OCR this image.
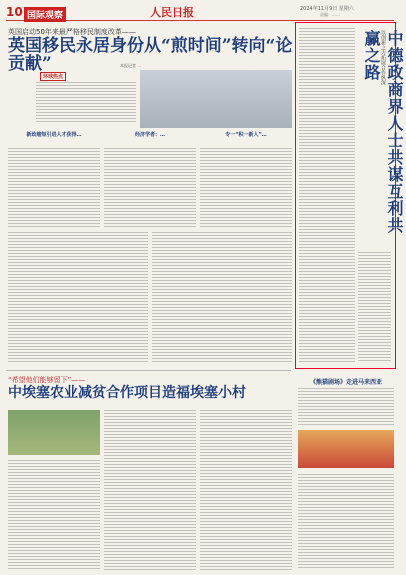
10 国际观察	人民日报	2024年11月9日 星期六
责编：……
英国启动50年来最严格移民制度改革——
英国移民永居身份从“煎时间”转向“论贡献”	本报记者 …
环球热点
新政缩短引进人才获得…	经济学者：…	专一“积一新人”…	中德政商界人士共谋互利共赢之路 以创新之力拓展合作纵深
“希望他们能够留下”——
中埃塞农业减贫合作项目造福埃塞小村
《熊猫剧场》走进马来西亚
